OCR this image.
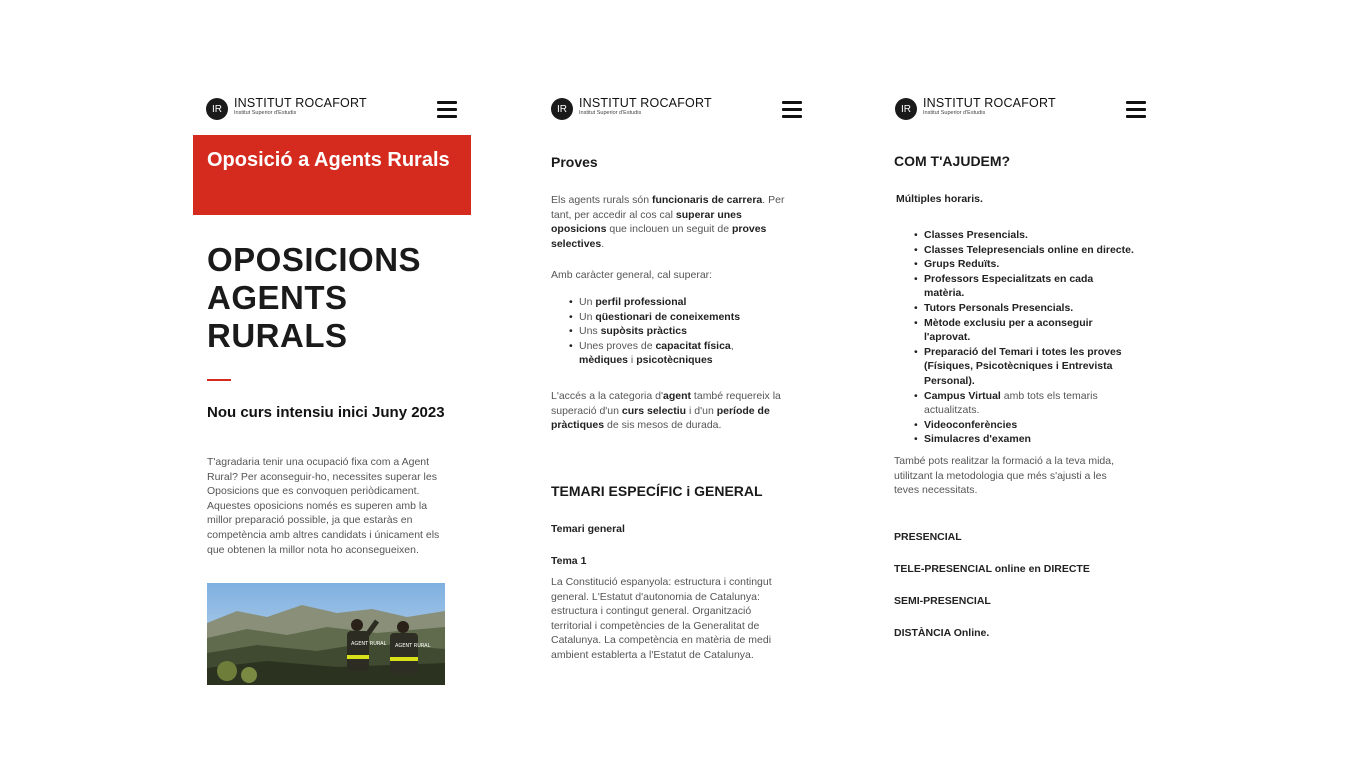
IR INSTITUT ROCAFORT
Institut Superior d'Estudis
Oposició a Agents Rurals
OPOSICIONS AGENTS RURALS
Nou curs intensiu inici Juny 2023

T'agradaria tenir una ocupació fixa com a Agent Rural? Per aconseguir-ho, necessites superar les Oposicions que es convoquen periòdicament. Aquestes oposicions només es superen amb la millor preparació possible, ja que estaràs en competència amb altres candidats i únicament els que obtenen la millor nota ho aconsegueixen.

AGENT RURAL AGENT RURAL
IR INSTITUT ROCAFORT
Institut Superior d'Estudis
Proves

Els agents rurals són funcionaris de carrera. Per tant, per accedir al cos cal superar unes oposicions que inclouen un seguit de proves selectives.

Amb caràcter general, cal superar:

• Un perfil professional
• Un qüestionari de coneixements
• Uns supòsits pràctics
• Unes proves de capacitat física, mèdiques i psicotècniques

L'accés a la categoria d'agent també requereix la superació d'un curs selectiu i d'un període de pràctiques de sis mesos de durada.

TEMARI ESPECÍFIC i GENERAL
Temari general
Tema 1

La Constitució espanyola: estructura i contingut general. L'Estatut d'autonomia de Catalunya: estructura i contingut general. Organització territorial i competències de la Generalitat de Catalunya. La competència en matèria de medi ambient establerta a l'Estatut de Catalunya.

IR INSTITUT ROCAFORT
Institut Superior d'Estudis
COM T'AJUDEM?
Múltiples horaris.
• Classes Presencials.
• Classes Telepresencials online en directe.
• Grups Reduïts.
• Professors Especialitzats en cada matèria.
• Tutors Personals Presencials.
• Mètode exclusiu per a aconseguir l'aprovat.
• Preparació del Temari i totes les proves (Físiques, Psicotècniques i Entrevista Personal).
• Campus Virtual amb tots els temaris actualitzats.
• Videoconferències
• Simulacres d'examen

També pots realitzar la formació a la teva mida, utilitzant la metodologia que més s'ajusti a les teves necessitats.

PRESENCIAL
TELE-PRESENCIAL online en DIRECTE
SEMI-PRESENCIAL
DISTÀNCIA Online.
